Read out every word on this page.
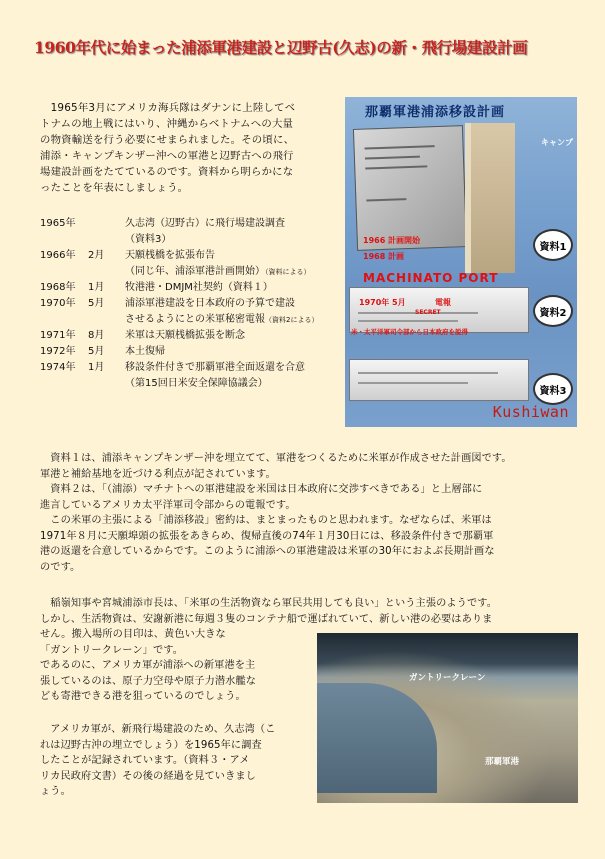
1960年代に始まった浦添軍港建設と辺野古(久志)の新・飛行場建設計画
　1965年3月にアメリカ海兵隊はダナンに上陸してベ
トナムの地上戦にはいり、沖縄からベトナムへの大量
の物資輸送を行う必要にせまられました。その頃に、
浦添・キャンプキンザー沖への軍港と辺野古への飛行
場建設計画をたてているのです。資料から明らかにな
ったことを年表にしましょう。
1965年	久志湾（辺野古）に飛行場建設調査
（資料3）
1966年 2月 天願桟橋を拡張布告
（同じ年、浦添軍港計画開始）（資料による）
1968年 1月 牧港港・DMJM社契約（資料１）
1970年 5月 浦添軍港建設を日本政府の予算で建設
させるようにとの米軍秘密電報（資料2による）
1971年 8月 米軍は天願桟橋拡張を断念
1972年 5月 本土復帰
1974年 1月 移設条件付きで那覇軍港全面返還を合意
（第15回日米安全保障協議会）
那覇軍港浦添移設計画
キャンプ
1966 計画開始
1968 計画
MACHINATO PORT
資料1
1970年 5月	電報
SECRET
米・太平洋軍司令部から日本政府を説得
資料2
資料3
Kushiwan
　資料１は、浦添キャンプキンザー沖を埋立てて、軍港をつくるために米軍が作成させた計画図です。
軍港と補給基地を近づける利点が記されています。
　資料２は、「（浦添）マチナトへの軍港建設を米国は日本政府に交渉すべきである」と上層部に
進言しているアメリカ太平洋軍司令部からの電報です。
　この米軍の主張による「浦添移設」密約は、まとまったものと思われます。なぜならば、米軍は
1971年８月に天願埠頭の拡張をあきらめ、復帰直後の74年１月30日には、移設条件付きで那覇軍
港の返還を合意しているからです。このように浦添への軍港建設は米軍の30年におよぶ長期計画な
のです。
　稲嶺知事や宮城浦添市長は、「米軍の生活物資なら軍民共用しても良い」という主張のようです。
しかし、生活物資は、安謝新港に毎週３隻のコンテナ船で運ばれていて、新しい港の必要はありま
せん。搬入場所の目印は、黄色い大きな
「ガントリークレーン」です。
であるのに、アメリカ軍が浦添への新軍港を主
張しているのは、原子力空母や原子力潜水艦な
ども寄港できる港を狙っているのでしょう。
　アメリカ軍が、新飛行場建設のため、久志湾（こ
れは辺野古沖の埋立でしょう）を1965年に調査
したことが記録されています。（資料３・アメ
リカ民政府文書）その後の経過を見ていきまし
ょう。
ガントリークレーン
那覇軍港
